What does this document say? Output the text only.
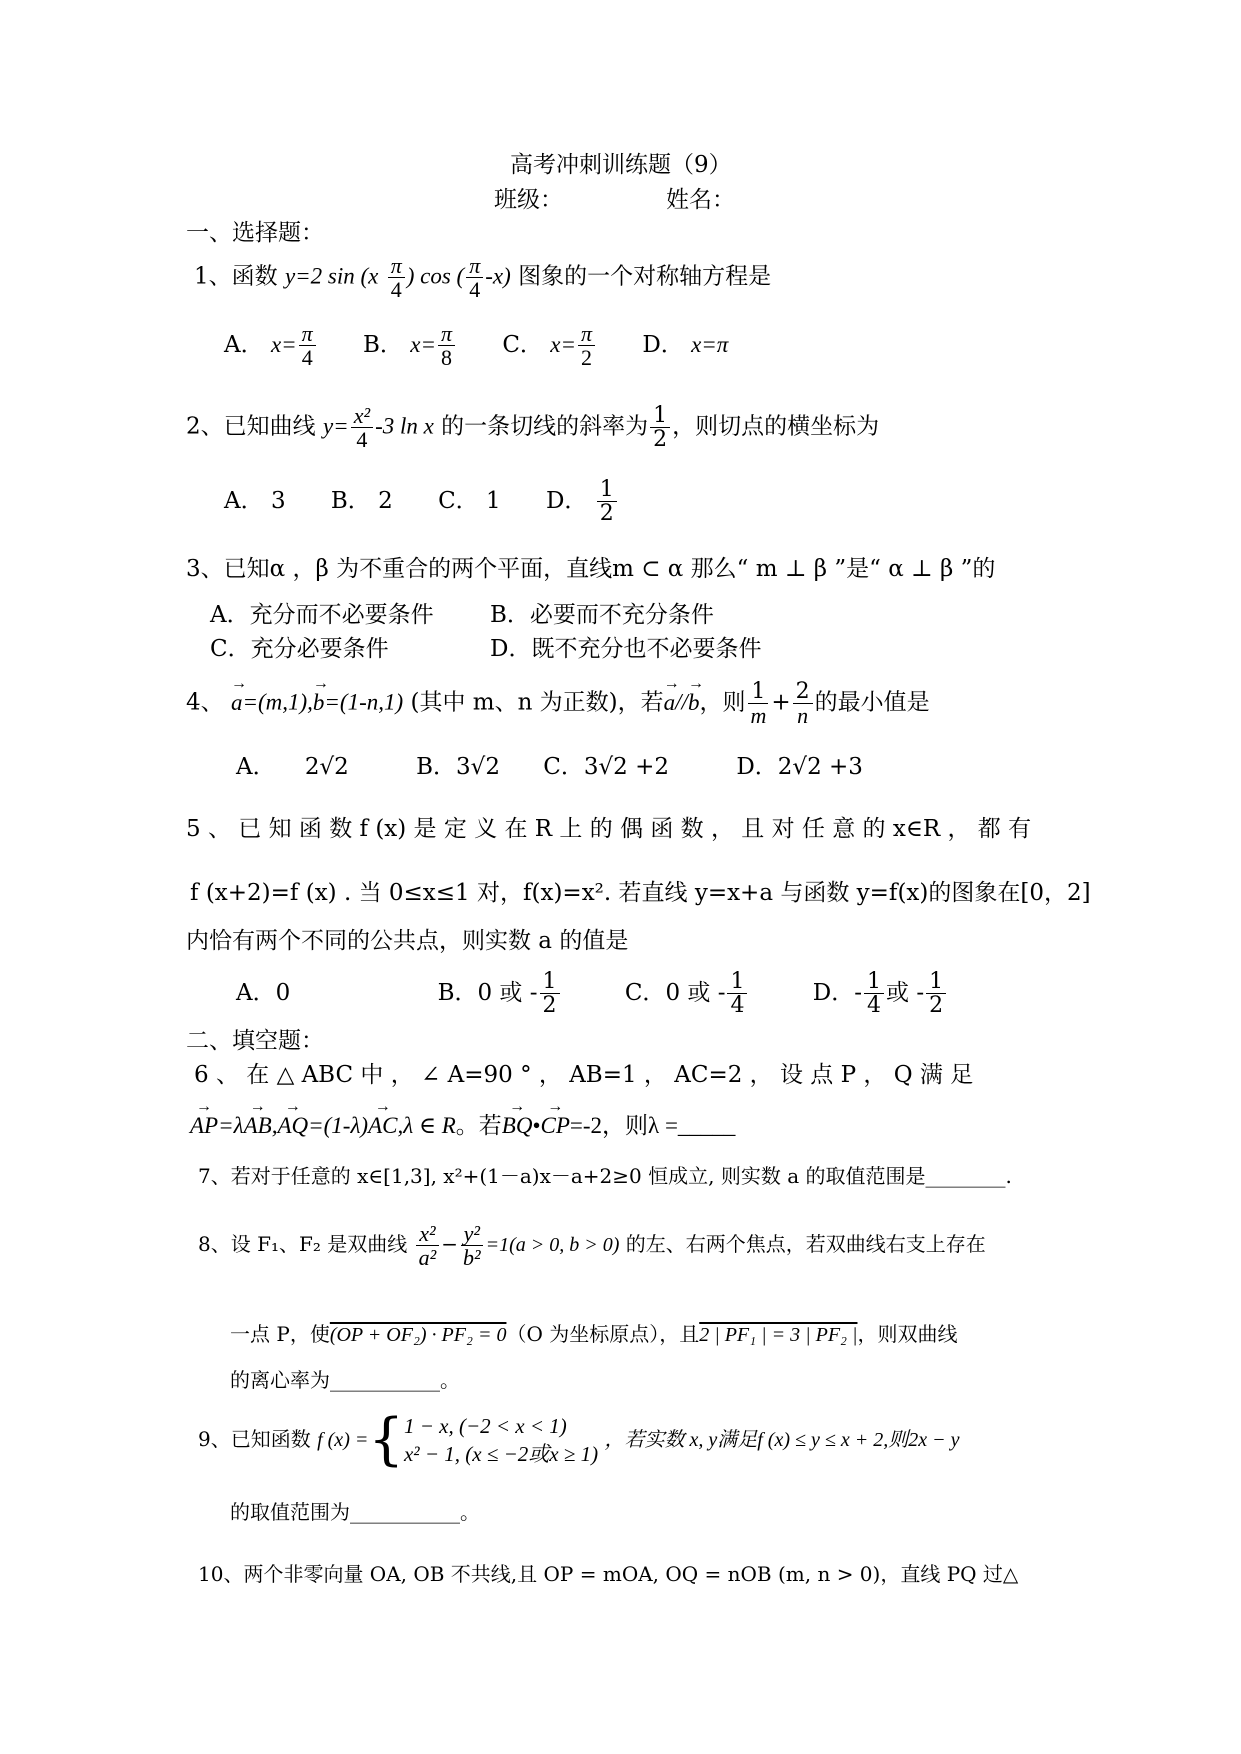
高考冲刺训练题（9）
班级：	姓名：
一、选择题：
1、函数 y=2 $\sin (x \frac{\pi}{4}$ ) cos ( $\frac{\pi}{4} -x$) 图象的一个对称轴方程是
A． $x= \frac{\pi}{4}$ B． $x= \frac{\pi}{8}$ C． $x= \frac{\pi}{2}$ D． x=π
2、已知曲线 $y= \frac{\text{x²}}{4} -3$ ln x 的一条切线的斜率为 $\frac{1}{2}$ ，则切点的横坐标为
A． 3 B． 2 C． 1 D． $\frac{1}{2}$
3、已知α ，β 为不重合的两个平面，直线m ⊂ α 那么“ m ⊥ β ”是“ α ⊥ β ”的
A．充分而不必要条件 B．必要而不充分条件
C．充分必要条件	D．既不充分也不必要条件
4、 → a=(m,1),→ b=(1-n,1) (其中 m、n 为正数)，若→ a//→ b，则 $\frac{1}{m} + \frac{2}{n}$ 的最小值是
A． 2√2	B．3√2 C．3√2 +2	D．2√2 +3
5 、 已 知 函 数 f (x) 是 定 义 在 R 上 的 偶 函 数 ， 且 对 任 意 的 x∈R ， 都 有
f (x+2)=f (x) . 当 0≤x≤1 对，f(x)=x². 若直线 y=x+a 与函数 y=f(x)的图象在[0，2]
内恰有两个不同的公共点，则实数 a 的值是
A．0	B．0 或 - $\frac{1}{2}$	C．0 或 - $\frac{1}{4}$	D．- $\frac{1}{4}$ 或 - $\frac{1}{2}$
二、填空题：
6 、 在 △ ABC 中 ， ∠ A=90 ° ， AB=1 ， AC=2 ， 设 点 P ， Q 满 足
→ AP=λ→ AB,→ AQ=(1-λ)→ AC,λ ∈ R。若→ BQ•→ CP=-2，则λ =_____
7、若对于任意的 x∈[1,3], x²+(1－a)x－a+2≥0 恒成立, 则实数 a 的取值范围是________.
8、设 F₁、F₂ 是双曲线 $\frac{\text{x²}}{\text{a²}} - \frac{\text{y²}}{\text{b²}} =1(a > 0$, b > 0) 的左、右两个焦点，若双曲线右支上存在
一点 P，使(OP + OF₂) · PF₂ = 0（O 为坐标原点），且2 | PF₁ | = 3 | PF₂ |，则双曲线
的离心率为___________。
9、已知函数 f (x) ={ 1 − x, (−2 < x < 1)
x² − 1, (x ≤ −2或x ≥ 1)
，若实数 x, y满足f (x) ≤ y ≤ x + 2,则2x − y
的取值范围为___________。
10、两个非零向量 OA, OB 不共线,且 OP = mOA, OQ = nOB (m, n > 0)，直线 PQ 过△
